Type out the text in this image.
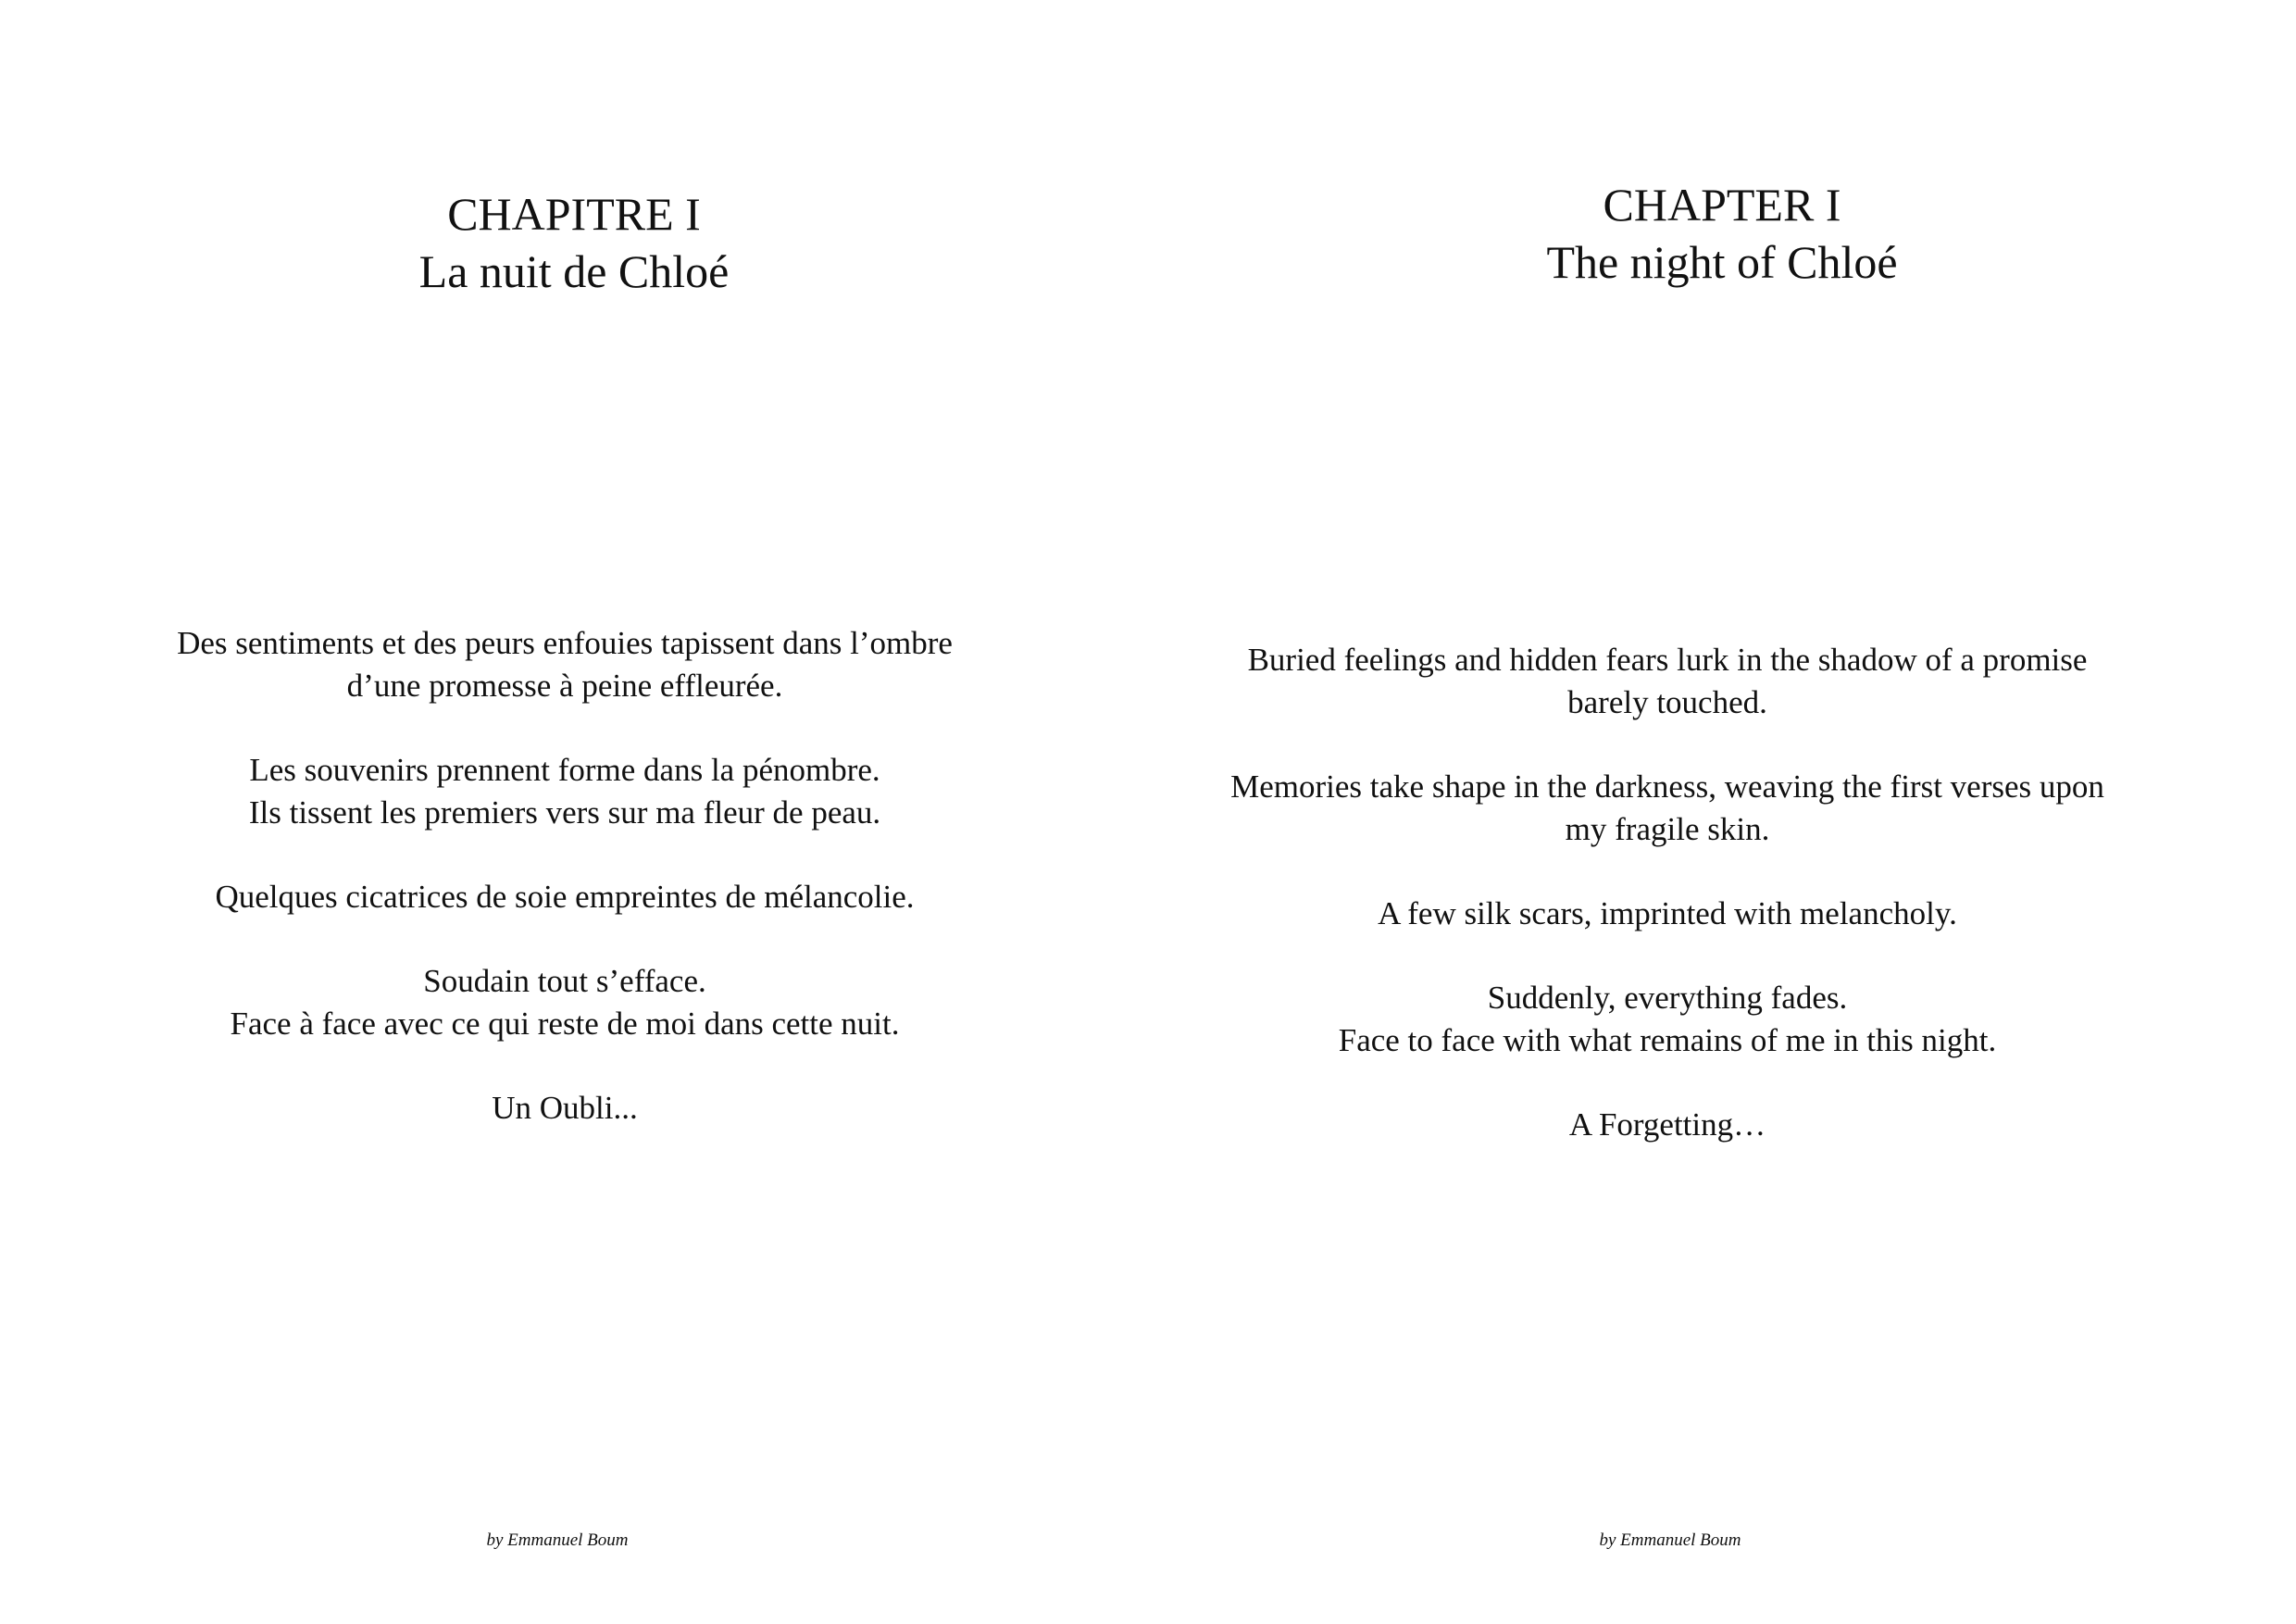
CHAPITRE I
La nuit de Chloé

Des sentiments et des peurs enfouies tapissent dans l’ombre
d’une promesse à peine effleurée.

Les souvenirs prennent forme dans la pénombre.
Ils tissent les premiers vers sur ma fleur de peau.

Quelques cicatrices de soie empreintes de mélancolie.

Soudain tout s’efface.
Face à face avec ce qui reste de moi dans cette nuit.

Un Oubli...

by Emmanuel Boum
CHAPTER I
The night of Chloé

Buried feelings and hidden fears lurk in the shadow of a promise
barely touched.

Memories take shape in the darkness, weaving the first verses upon
my fragile skin.

A few silk scars, imprinted with melancholy.

Suddenly, everything fades.
Face to face with what remains of me in this night.

A Forgetting…

by Emmanuel Boum
